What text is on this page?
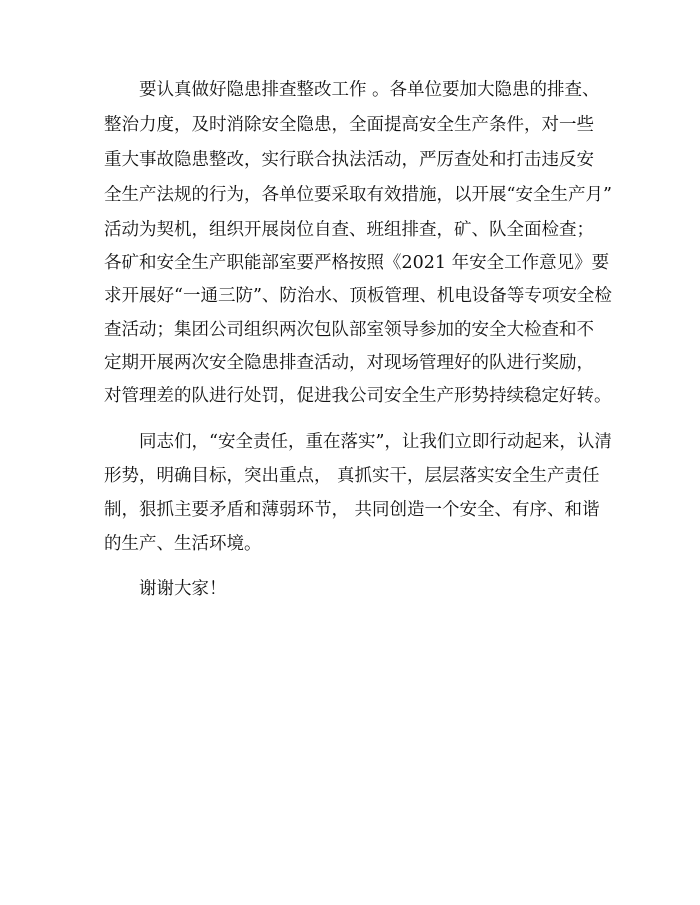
要认真做好隐患排查整改工作 。各单位要加大隐患的排查、
整治力度，及时消除安全隐患，全面提高安全生产条件，对一些
重大事故隐患整改，实行联合执法活动，严厉查处和打击违反安
全生产法规的行为，各单位要采取有效措施，以开展“安全生产月”
活动为契机，组织开展岗位自查、班组排查，矿、队全面检查；
各矿和安全生产职能部室要严格按照《2021 年安全工作意见》要
求开展好“一通三防”、防治水、顶板管理、机电设备等专项安全检
查活动；集团公司组织两次包队部室领导参加的安全大检查和不
定期开展两次安全隐患排查活动，对现场管理好的队进行奖励，
对管理差的队进行处罚，促进我公司安全生产形势持续稳定好转。
同志们，“安全责任，重在落实”，让我们立即行动起来，认清
形势，明确目标，突出重点， 真抓实干，层层落实安全生产责任
制，狠抓主要矛盾和薄弱环节， 共同创造一个安全、有序、和谐
的生产、生活环境。
谢谢大家！
